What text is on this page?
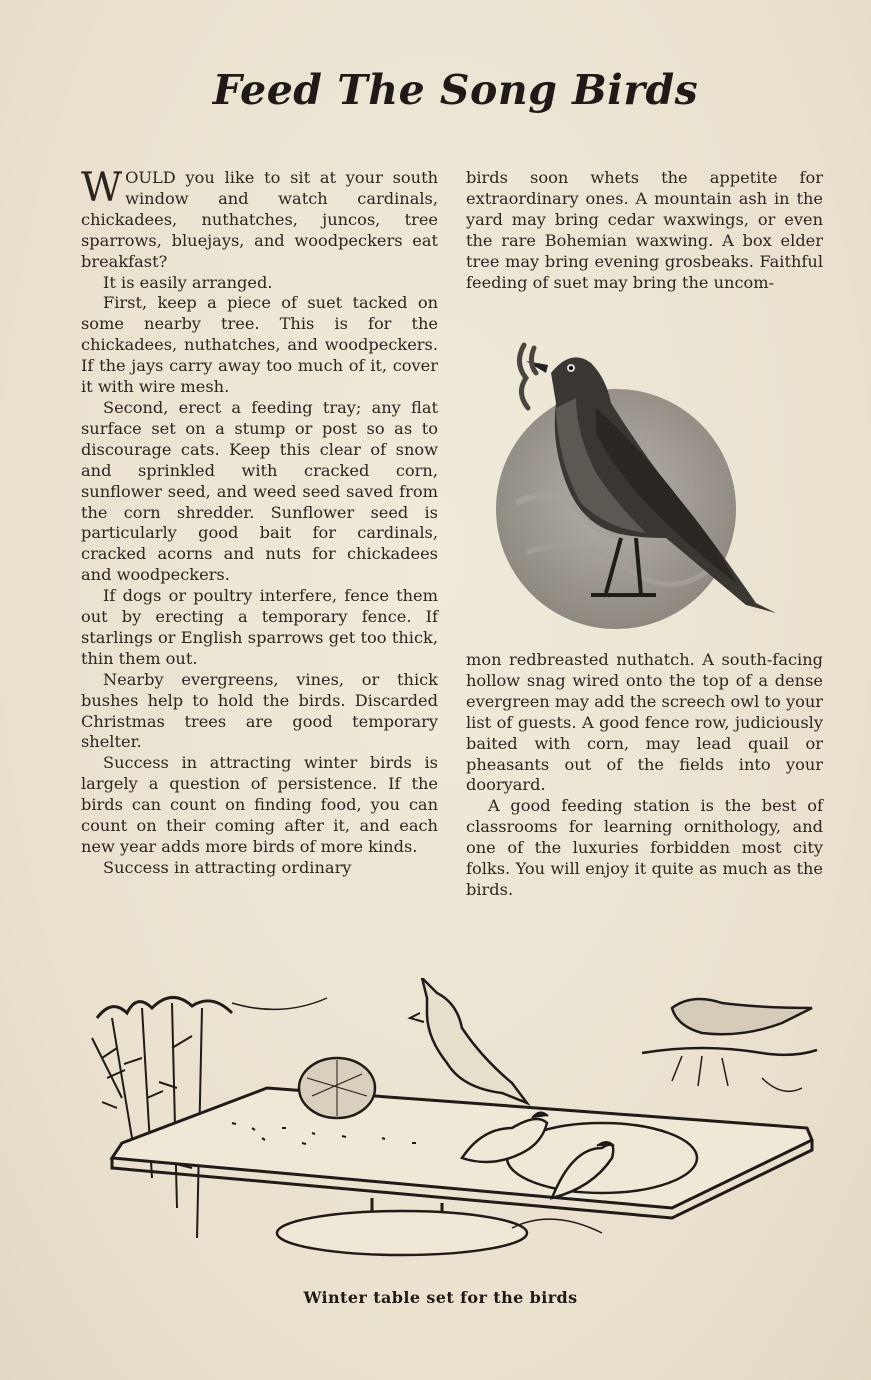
Feed The Song Birds

WOULD you like to sit at your south window and watch cardinals, chickadees, nuthatches, juncos, tree sparrows, bluejays, and woodpeckers eat breakfast?

It is easily arranged.

First, keep a piece of suet tacked on some nearby tree. This is for the chickadees, nuthatches, and woodpeckers. If the jays carry away too much of it, cover it with wire mesh.

Second, erect a feeding tray; any flat surface set on a stump or post so as to discourage cats. Keep this clear of snow and sprinkled with cracked corn, sunflower seed, and weed seed saved from the corn shredder. Sunflower seed is particularly good bait for cardinals, cracked acorns and nuts for chickadees and woodpeckers.

If dogs or poultry interfere, fence them out by erecting a temporary fence. If starlings or English sparrows get too thick, thin them out.

Nearby evergreens, vines, or thick bushes help to hold the birds. Discarded Christmas trees are good temporary shelter.

Success in attracting winter birds is largely a question of persistence. If the birds can count on finding food, you can count on their coming after it, and each new year adds more birds of more kinds.

Success in attracting ordinary

birds soon whets the appetite for extraordinary ones. A mountain ash in the yard may bring cedar waxwings, or even the rare Bohemian waxwing. A box elder tree may bring evening grosbeaks. Faithful feeding of suet may bring the uncom-

mon redbreasted nuthatch. A south-facing hollow snag wired onto the top of a dense evergreen may add the screech owl to your list of guests. A good fence row, judiciously baited with corn, may lead quail or pheasants out of the fields into your dooryard.

A good feeding station is the best of classrooms for learning ornithology, and one of the luxuries forbidden most city folks. You will enjoy it quite as much as the birds.

Winter table set for the birds
